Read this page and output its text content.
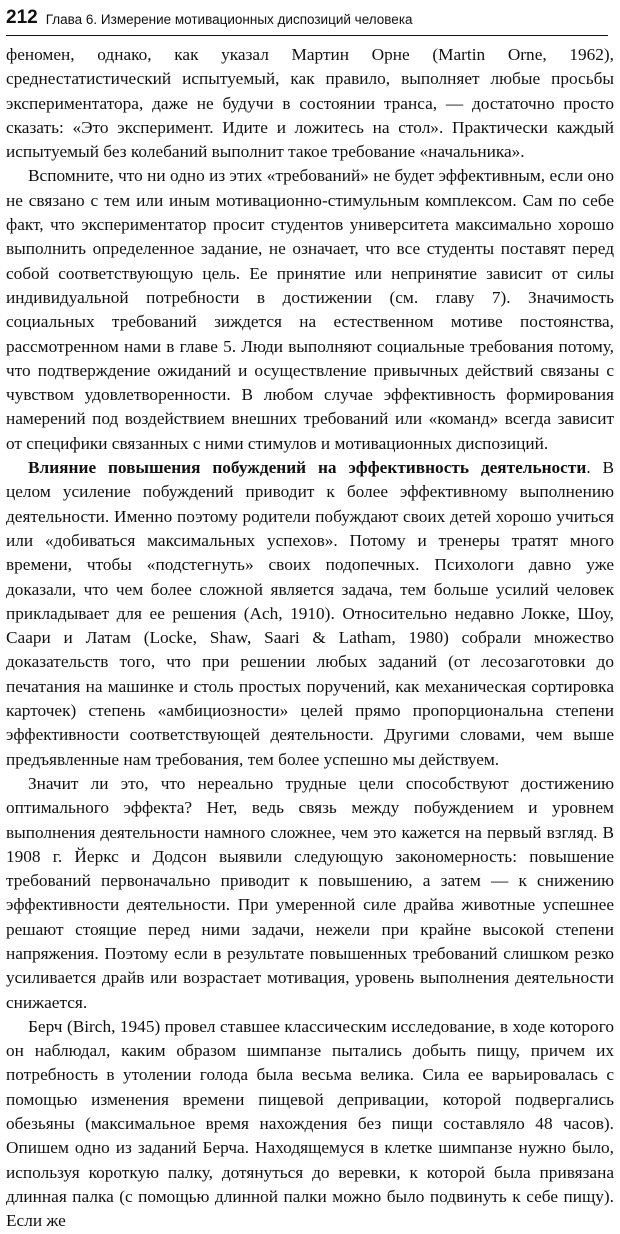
212 Глава 6. Измерение мотивационных диспозиций человека

феномен, однако, как указал Мартин Орне (Martin Orne, 1962), среднестатистический испытуемый, как правило, выполняет любые просьбы экспериментатора, даже не будучи в состоянии транса, — достаточно просто сказать: «Это эксперимент. Идите и ложитесь на стол». Практически каждый испытуемый без колебаний выполнит такое требование «начальника».

Вспомните, что ни одно из этих «требований» не будет эффективным, если оно не связано с тем или иным мотивационно-стимульным комплексом. Сам по себе факт, что экспериментатор просит студентов университета максимально хорошо выполнить определенное задание, не означает, что все студенты поставят перед собой соответствующую цель. Ее принятие или непринятие зависит от силы индивидуальной потребности в достижении (см. главу 7). Значимость социальных требований зиждется на естественном мотиве постоянства, рассмотренном нами в главе 5. Люди выполняют социальные требования потому, что подтверждение ожиданий и осуществление привычных действий связаны с чувством удовлетворенности. В любом случае эффективность формирования намерений под воздействием внешних требований или «команд» всегда зависит от специфики связанных с ними стимулов и мотивационных диспозиций.

Влияние повышения побуждений на эффективность деятельности. В целом усиление побуждений приводит к более эффективному выполнению деятельности. Именно поэтому родители побуждают своих детей хорошо учиться или «добиваться максимальных успехов». Потому и тренеры тратят много времени, чтобы «подстегнуть» своих подопечных. Психологи давно уже доказали, что чем более сложной является задача, тем больше усилий человек прикладывает для ее решения (Ach, 1910). Относительно недавно Локке, Шоу, Саари и Латам (Locke, Shaw, Saari & Latham, 1980) собрали множество доказательств того, что при решении любых заданий (от лесозаготовки до печатания на машинке и столь простых поручений, как механическая сортировка карточек) степень «амбициозности» целей прямо пропорциональна степени эффективности соответствующей деятельности. Другими словами, чем выше предъявленные нам требования, тем более успешно мы действуем.

Значит ли это, что нереально трудные цели способствуют достижению оптимального эффекта? Нет, ведь связь между побуждением и уровнем выполнения деятельности намного сложнее, чем это кажется на первый взгляд. В 1908 г. Йеркс и Додсон выявили следующую закономерность: повышение требований первоначально приводит к повышению, а затем — к снижению эффективности деятельности. При умеренной силе драйва животные успешнее решают стоящие перед ними задачи, нежели при крайне высокой степени напряжения. Поэтому если в результате повышенных требований слишком резко усиливается драйв или возрастает мотивация, уровень выполнения деятельности снижается.

Берч (Birch, 1945) провел ставшее классическим исследование, в ходе которого он наблюдал, каким образом шимпанзе пытались добыть пищу, причем их потребность в утолении голода была весьма велика. Сила ее варьировалась с помощью изменения времени пищевой депривации, которой подвергались обезьяны (максимальное время нахождения без пищи составляло 48 часов). Опишем одно из заданий Берча. Находящемуся в клетке шимпанзе нужно было, используя короткую палку, дотянуться до веревки, к которой была привязана длинная палка (с помощью длинной палки можно было подвинуть к себе пищу). Если же
